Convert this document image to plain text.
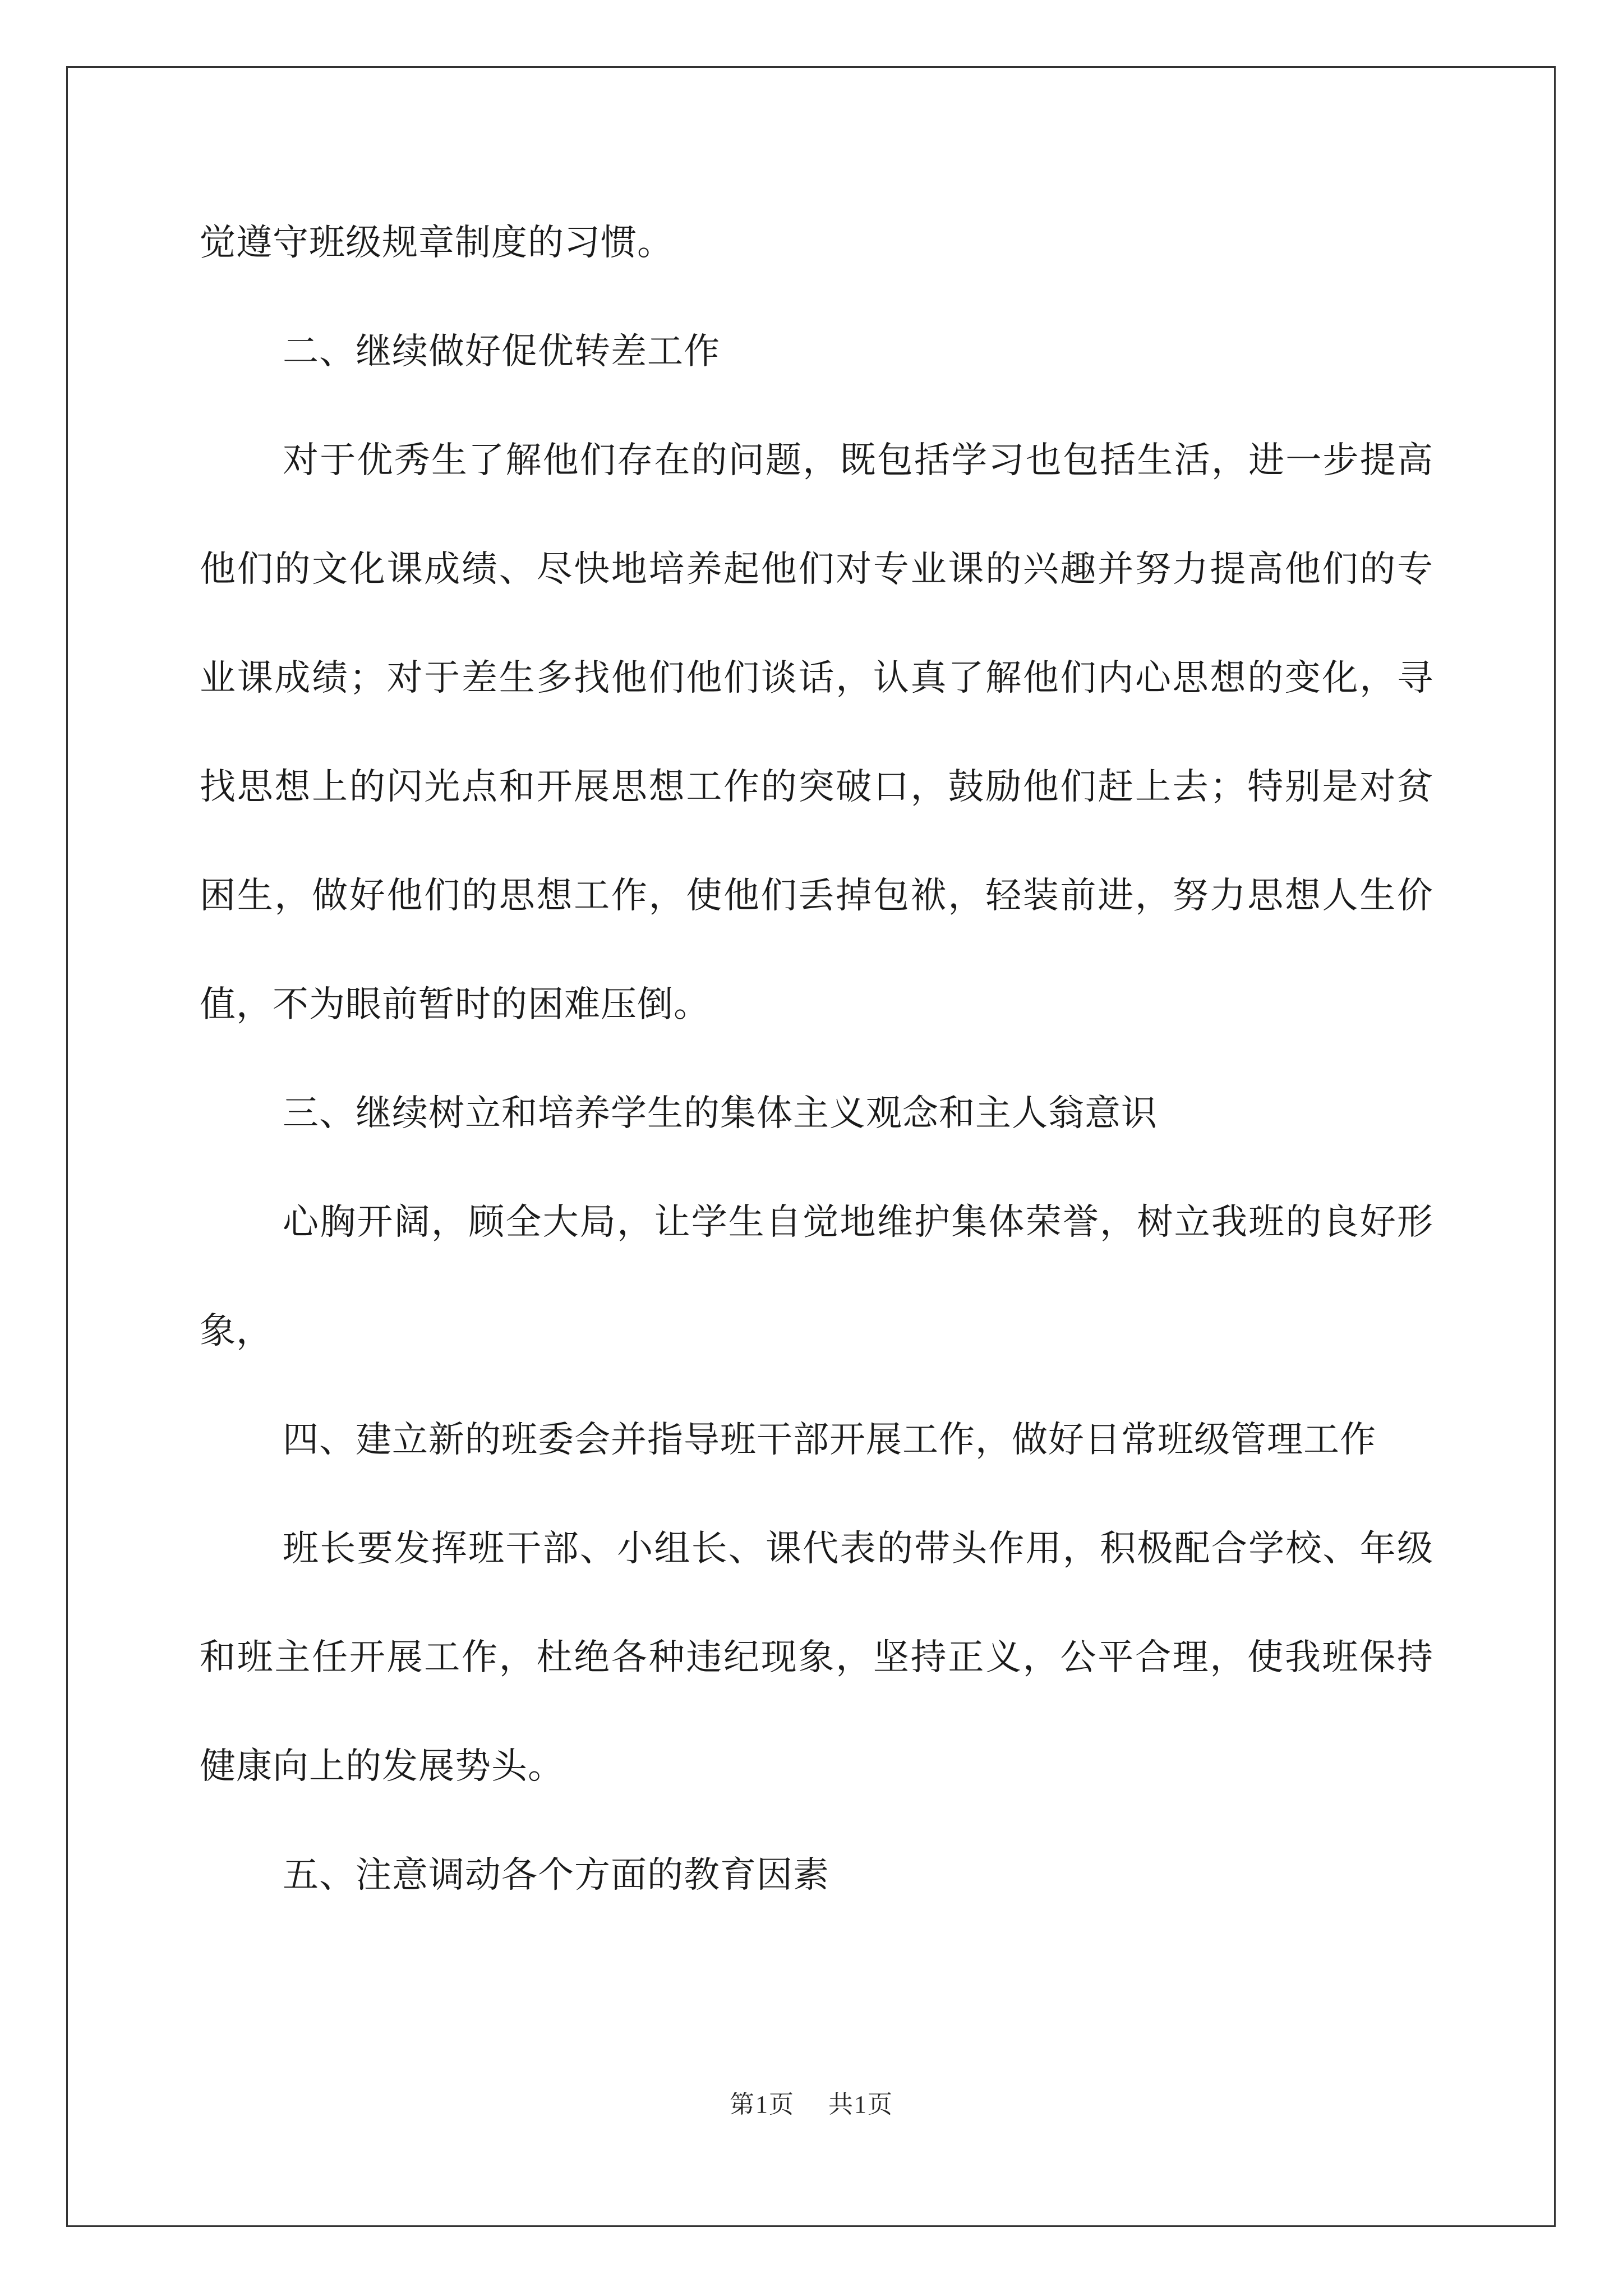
觉遵守班级规章制度的习惯。

二、继续做好促优转差工作

对于优秀生了解他们存在的问题，既包括学习也包括生活，进一步提高他们的文化课成绩、尽快地培养起他们对专业课的兴趣并努力提高他们的专业课成绩；对于差生多找他们他们谈话，认真了解他们内心思想的变化，寻找思想上的闪光点和开展思想工作的突破口，鼓励他们赶上去；特别是对贫困生，做好他们的思想工作，使他们丢掉包袱，轻装前进，努力思想人生价值，不为眼前暂时的困难压倒。

三、继续树立和培养学生的集体主义观念和主人翁意识

心胸开阔，顾全大局，让学生自觉地维护集体荣誉，树立我班的良好形象，

四、建立新的班委会并指导班干部开展工作，做好日常班级管理工作

班长要发挥班干部、小组长、课代表的带头作用，积极配合学校、年级和班主任开展工作，杜绝各种违纪现象，坚持正义，公平合理，使我班保持健康向上的发展势头。

五、注意调动各个方面的教育因素

第1页 共1页
